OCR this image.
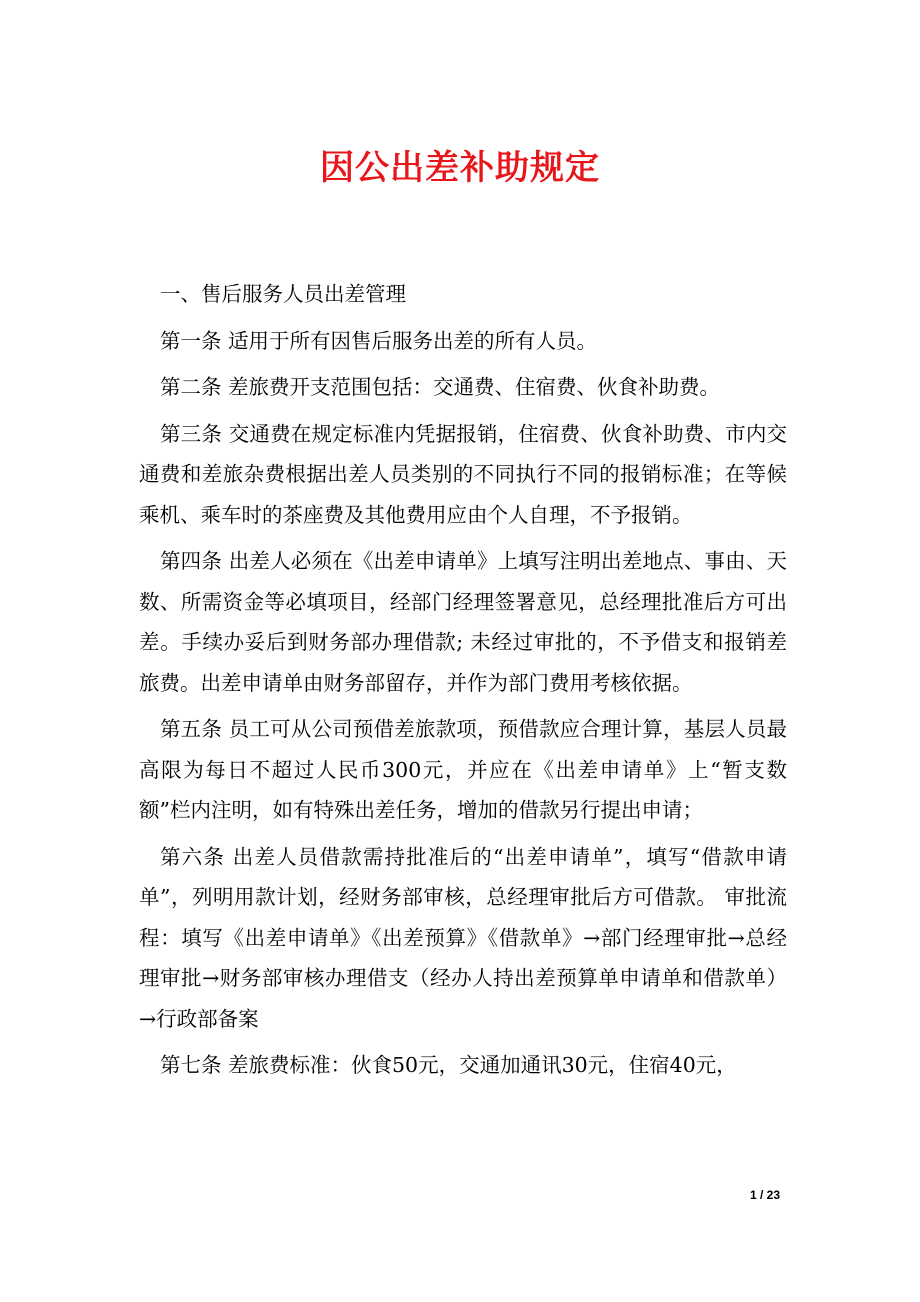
因公出差补助规定

一、售后服务人员出差管理

第一条 适用于所有因售后服务出差的所有人员。

第二条 差旅费开支范围包括：交通费、住宿费、伙食补助费。

第三条 交通费在规定标准内凭据报销，住宿费、伙食补助费、市内交通费和差旅杂费根据出差人员类别的不同执行不同的报销标准；在等候乘机、乘车时的茶座费及其他费用应由个人自理，不予报销。

第四条 出差人必须在《出差申请单》上填写注明出差地点、事由、天数、所需资金等必填项目，经部门经理签署意见，总经理批准后方可出差。手续办妥后到财务部办理借款; 未经过审批的，不予借支和报销差旅费。出差申请单由财务部留存，并作为部门费用考核依据。

第五条 员工可从公司预借差旅款项，预借款应合理计算，基层人员最高限为每日不超过人民币300元，并应在《出差申请单》上“暂支数额”栏内注明，如有特殊出差任务，增加的借款另行提出申请；

第六条 出差人员借款需持批准后的“出差申请单”，填写“借款申请单”，列明用款计划，经财务部审核，总经理审批后方可借款。 审批流程：填写《出差申请单》《出差预算》《借款单》→部门经理审批→总经理审批→财务部审核办理借支（经办人持出差预算单申请单和借款单）→行政部备案

第七条 差旅费标准：伙食50元，交通加通讯30元，住宿40元，

1 / 23
